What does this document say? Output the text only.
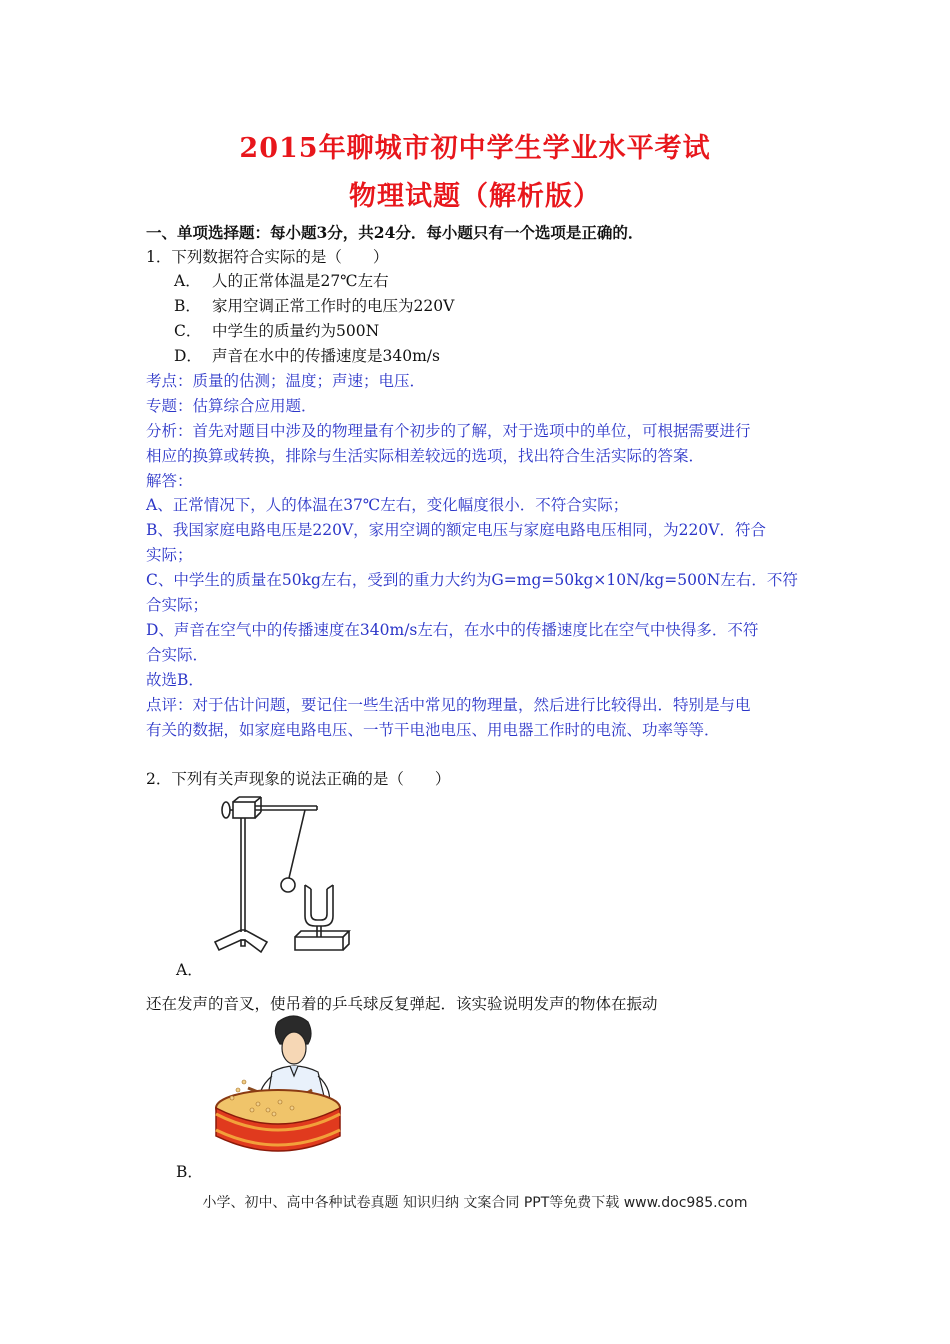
2015年聊城市初中学生学业水平考试
物理试题（解析版）
一、单项选择题：每小题3分，共24分．每小题只有一个选项是正确的．
1．下列数据符合实际的是（　　）
A． 人的正常体温是27℃左右
B． 家用空调正常工作时的电压为220V
C． 中学生的质量约为500N
D． 声音在水中的传播速度是340m/s
考点：质量的估测；温度；声速；电压．
专题：估算综合应用题．
分析：首先对题目中涉及的物理量有个初步的了解，对于选项中的单位，可根据需要进行
相应的换算或转换，排除与生活实际相差较远的选项，找出符合生活实际的答案．
解答：
A、正常情况下，人的体温在37℃左右，变化幅度很小．不符合实际；
B、我国家庭电路电压是220V，家用空调的额定电压与家庭电路电压相同，为220V．符合
实际；
C、中学生的质量在50kg左右，受到的重力大约为G=mg=50kg×10N/kg=500N左右．不符
合实际；
D、声音在空气中的传播速度在340m/s左右，在水中的传播速度比在空气中快得多．不符
合实际．
故选B．
点评：对于估计问题，要记住一些生活中常见的物理量，然后进行比较得出．特别是与电
有关的数据，如家庭电路电压、一节干电池电压、用电器工作时的电流、功率等等．
2．下列有关声现象的说法正确的是（　　）
A．
还在发声的音叉，使吊着的乒乓球反复弹起．该实验说明发声的物体在振动
B．
小学、初中、高中各种试卷真题 知识归纳 文案合同 PPT等免费下载 www.doc985.com
